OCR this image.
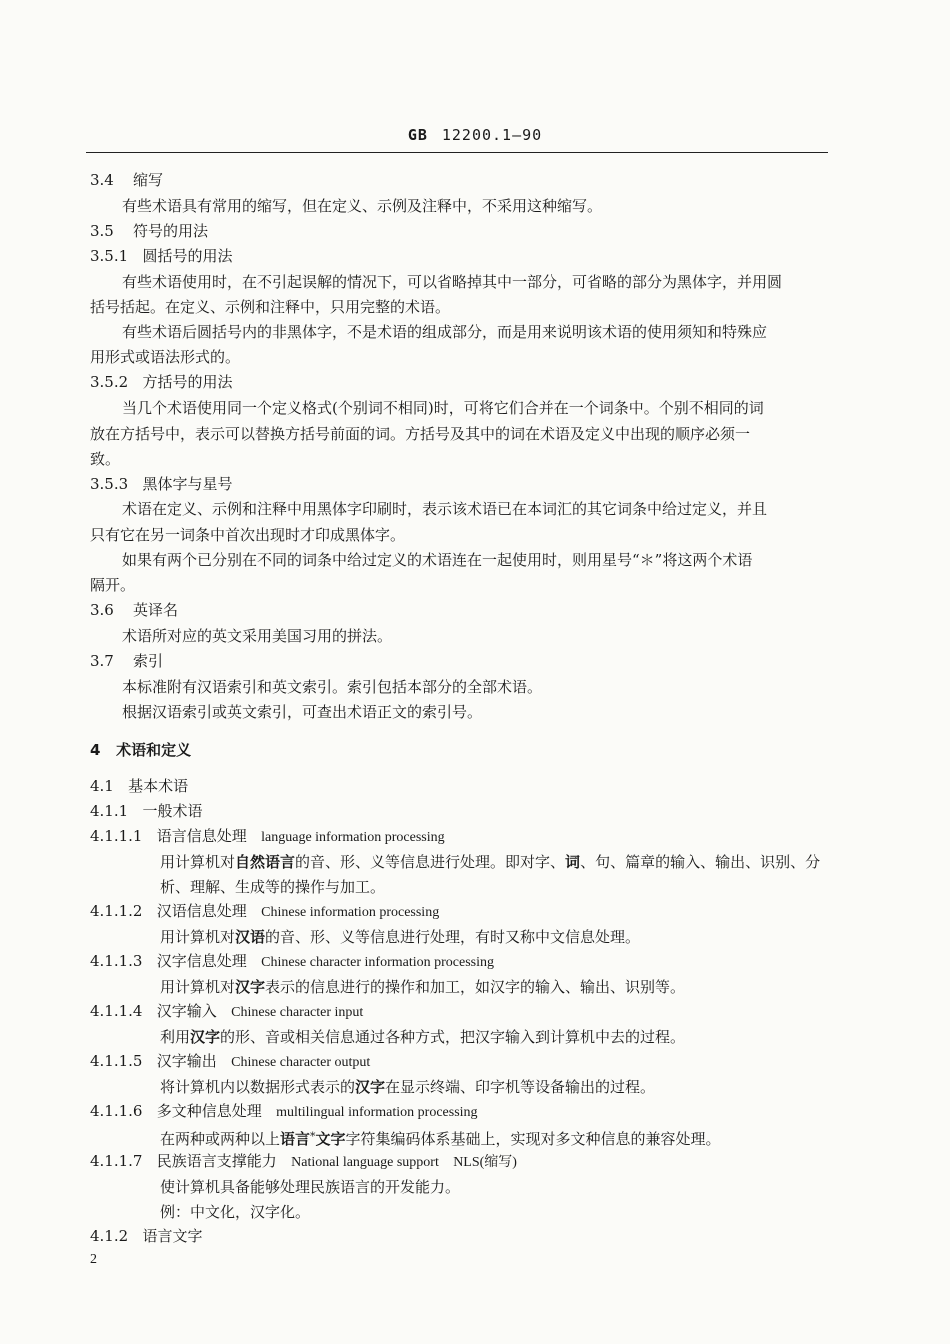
GB 12200.1—90
3.4 缩写
有些术语具有常用的缩写，但在定义、示例及注释中，不采用这种缩写。
3.5 符号的用法
3.5.1 圆括号的用法
有些术语使用时，在不引起误解的情况下，可以省略掉其中一部分，可省略的部分为黑体字，并用圆
括号括起。在定义、示例和注释中，只用完整的术语。
有些术语后圆括号内的非黑体字，不是术语的组成部分，而是用来说明该术语的使用须知和特殊应
用形式或语法形式的。
3.5.2 方括号的用法
当几个术语使用同一个定义格式(个别词不相同)时，可将它们合并在一个词条中。个别不相同的词
放在方括号中，表示可以替换方括号前面的词。方括号及其中的词在术语及定义中出现的顺序必须一
致。
3.5.3 黑体字与星号
术语在定义、示例和注释中用黑体字印刷时，表示该术语已在本词汇的其它词条中给过定义，并且
只有它在另一词条中首次出现时才印成黑体字。
如果有两个已分别在不同的词条中给过定义的术语连在一起使用时，则用星号“＊”将这两个术语
隔开。
3.6 英译名
术语所对应的英文采用美国习用的拼法。
3.7 索引
本标准附有汉语索引和英文索引。索引包括本部分的全部术语。
根据汉语索引或英文索引，可查出术语正文的索引号。
4 术语和定义
4.1 基本术语
4.1.1 一般术语
4.1.1.1 语言信息处理 language information processing
用计算机对自然语言的音、形、义等信息进行处理。即对字、词、句、篇章的输入、输出、识别、分
析、理解、生成等的操作与加工。
4.1.1.2 汉语信息处理 Chinese information processing
用计算机对汉语的音、形、义等信息进行处理，有时又称中文信息处理。
4.1.1.3 汉字信息处理 Chinese character information processing
用计算机对汉字表示的信息进行的操作和加工，如汉字的输入、输出、识别等。
4.1.1.4 汉字输入 Chinese character input
利用汉字的形、音或相关信息通过各种方式，把汉字输入到计算机中去的过程。
4.1.1.5 汉字输出 Chinese character output
将计算机内以数据形式表示的汉字在显示终端、印字机等设备输出的过程。
4.1.1.6 多文种信息处理 multilingual information processing
在两种或两种以上语言*文字字符集编码体系基础上，实现对多文种信息的兼容处理。
4.1.1.7 民族语言支撑能力 National language support NLS(缩写)
使计算机具备能够处理民族语言的开发能力。
例：中文化，汉字化。
4.1.2 语言文字
2
